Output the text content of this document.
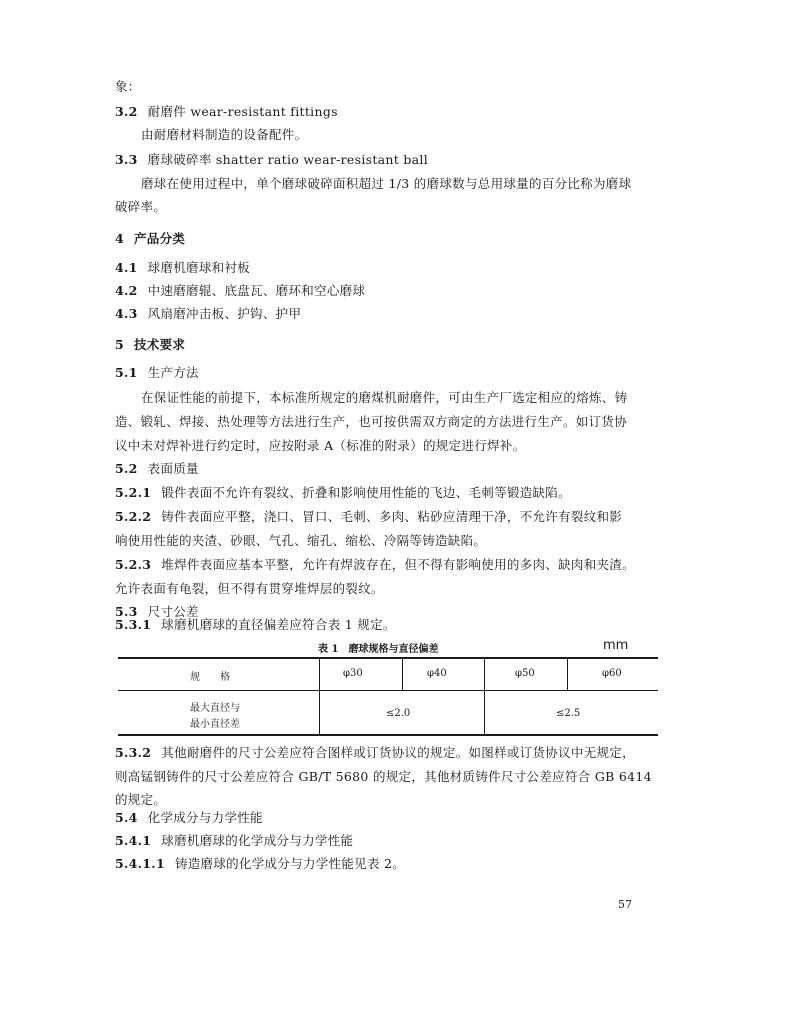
象：
3.2 耐磨件 wear-resistant fittings
由耐磨材料制造的设备配件。
3.3 磨球破碎率 shatter ratio wear-resistant ball
磨球在使用过程中，单个磨球破碎面积超过 1/3 的磨球数与总用球量的百分比称为磨球
破碎率。
4 产品分类
4.1 球磨机磨球和衬板
4.2 中速磨磨辊、底盘瓦、磨环和空心磨球
4.3 风扇磨冲击板、护钩、护甲
5 技术要求
5.1 生产方法
在保证性能的前提下，本标准所规定的磨煤机耐磨件，可由生产厂选定相应的熔炼、铸
造、锻轧、焊接、热处理等方法进行生产，也可按供需双方商定的方法进行生产。如订货协
议中未对焊补进行约定时，应按附录 A（标准的附录）的规定进行焊补。
5.2 表面质量
5.2.1 锻件表面不允许有裂纹、折叠和影响使用性能的飞边、毛刺等锻造缺陷。
5.2.2 铸件表面应平整，浇口、冒口、毛刺、多肉、粘砂应清理干净，不允许有裂纹和影
响使用性能的夹渣、砂眼、气孔、缩孔、缩松、冷隔等铸造缺陷。
5.2.3 堆焊件表面应基本平整，允许有焊波存在，但不得有影响使用的多肉、缺肉和夹渣。
允许表面有龟裂，但不得有贯穿堆焊层的裂纹。
5.3 尺寸公差
5.3.1 球磨机磨球的直径偏差应符合表 1 规定。
表 1　磨球规格与直径偏差	mm
规　　格	φ30	φ40	φ50	φ60
最大直径与
最小直径差
≤2.0	≤2.5
5.3.2 其他耐磨件的尺寸公差应符合图样或订货协议的规定。如图样或订货协议中无规定，
则高锰钢铸件的尺寸公差应符合 GB/T 5680 的规定，其他材质铸件尺寸公差应符合 GB 6414
的规定。
5.4 化学成分与力学性能
5.4.1 球磨机磨球的化学成分与力学性能
5.4.1.1 铸造磨球的化学成分与力学性能见表 2。
57
